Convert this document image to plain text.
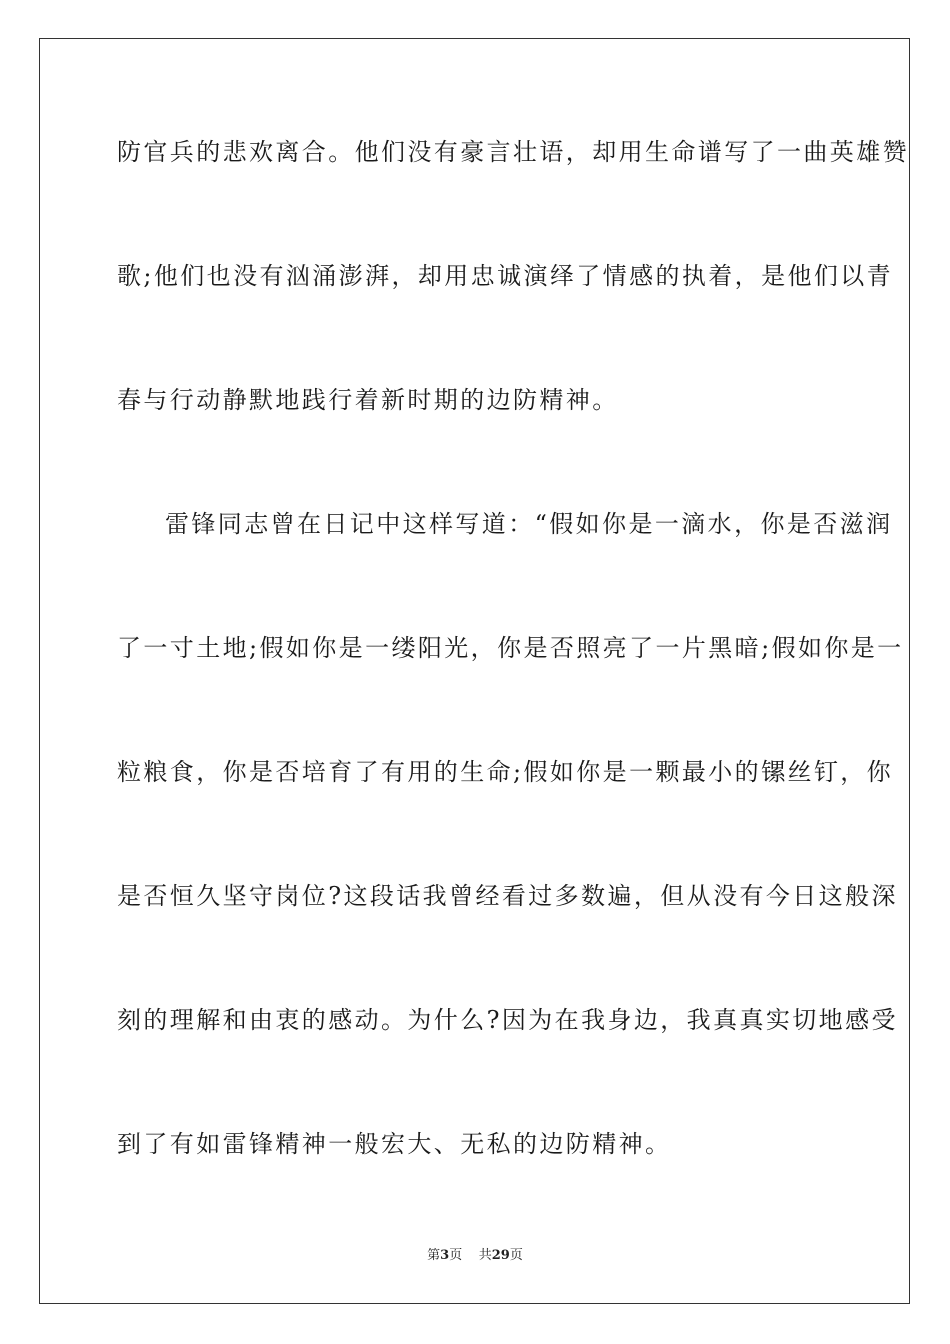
防官兵的悲欢离合。他们没有豪言壮语，却用生命谱写了一曲英雄赞
歌;他们也没有汹涌澎湃，却用忠诚演绎了情感的执着，是他们以青
春与行动静默地践行着新时期的边防精神。
雷锋同志曾在日记中这样写道：“假如你是一滴水，你是否滋润
了一寸土地;假如你是一缕阳光，你是否照亮了一片黑暗;假如你是一
粒粮食，你是否培育了有用的生命;假如你是一颗最小的镙丝钉，你
是否恒久坚守岗位?这段话我曾经看过多数遍，但从没有今日这般深
刻的理解和由衷的感动。为什么?因为在我身边，我真真实切地感受
到了有如雷锋精神一般宏大、无私的边防精神。
第3页 共29页
